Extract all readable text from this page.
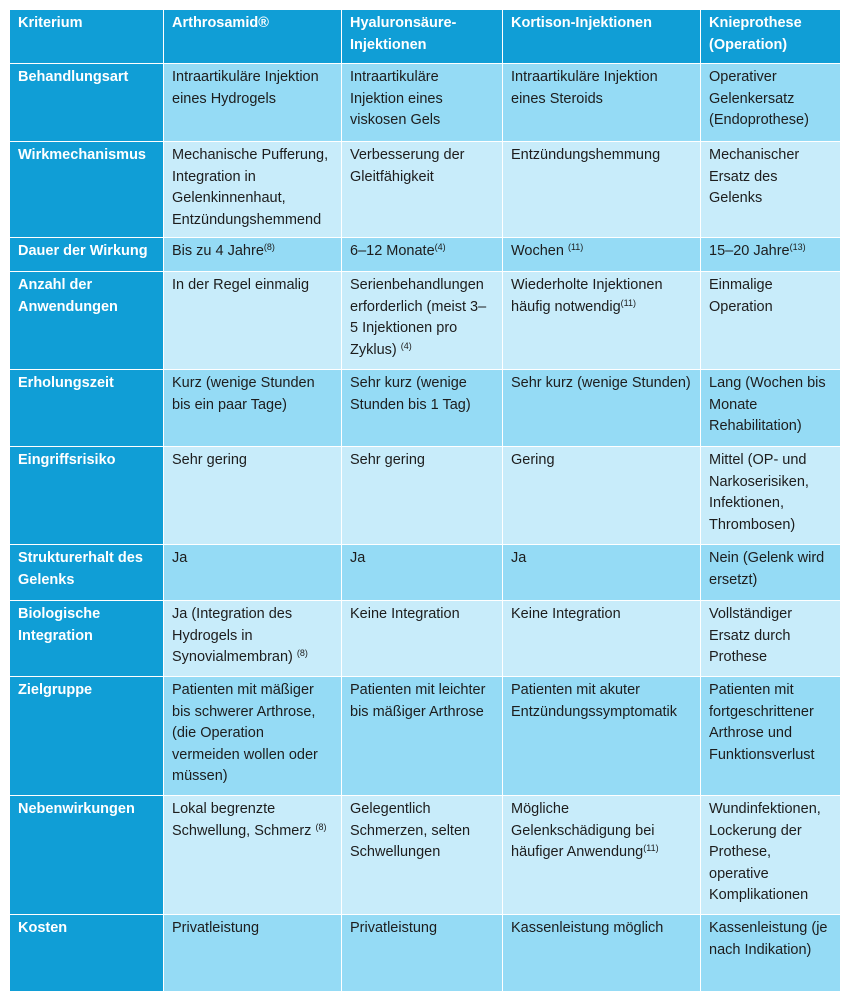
Kriterium	Arthrosamid®	Hyaluronsäure-Injektionen	Kortison-Injektionen	Knieprothese (Operation)
Behandlungsart	Intraartikuläre Injektion eines Hydrogels	Intraartikuläre Injektion eines viskosen Gels	Intraartikuläre Injektion eines Steroids	Operativer Gelenkersatz (Endoprothese)
Wirkmechanismus	Mechanische Pufferung, Integration in Gelenkinnenhaut, Entzündungshemmend	Verbesserung der Gleitfähigkeit	Entzündungshemmung	Mechanischer Ersatz des Gelenks
Dauer der Wirkung	Bis zu 4 Jahre$^{(8)}$	6–12 Monate$^{(4)}$	Wochen $^{(11)}$	15–20 Jahre$^{(13)}$
Anzahl der Anwendungen	In der Regel einmalig	Serienbehandlungen erforderlich (meist 3–5 Injektionen pro Zyklus) $^{(4)}$	Wiederholte Injektionen häufig notwendig$^{(11)}$	Einmalige Operation
Erholungszeit	Kurz (wenige Stunden bis ein paar Tage)	Sehr kurz (wenige Stunden bis 1 Tag)	Sehr kurz (wenige Stunden)	Lang (Wochen bis Monate Rehabilitation)
Eingriffsrisiko	Sehr gering	Sehr gering	Gering	Mittel (OP- und Narkoserisiken, Infektionen, Thrombosen)
Strukturerhalt des Gelenks	Ja	Ja	Ja	Nein (Gelenk wird ersetzt)
Biologische Integration	Ja (Integration des Hydrogels in Synovialmembran) $^{(8)}$	Keine Integration	Keine Integration	Vollständiger Ersatz durch Prothese
Zielgruppe	Patienten mit mäßiger bis schwerer Arthrose, (die Operation vermeiden wollen oder müssen)	Patienten mit leichter bis mäßiger Arthrose	Patienten mit akuter Entzündungssymptomatik	Patienten mit fortgeschrittener Arthrose und Funktionsverlust
Nebenwirkungen	Lokal begrenzte Schwellung, Schmerz $^{(8)}$	Gelegentlich Schmerzen, selten Schwellungen	Mögliche Gelenkschädigung bei häufiger Anwendung$^{(11)}$	Wundinfektionen, Lockerung der Prothese, operative Komplikationen
Kosten	Privatleistung	Privatleistung	Kassenleistung möglich	Kassenleistung (je nach Indikation)
